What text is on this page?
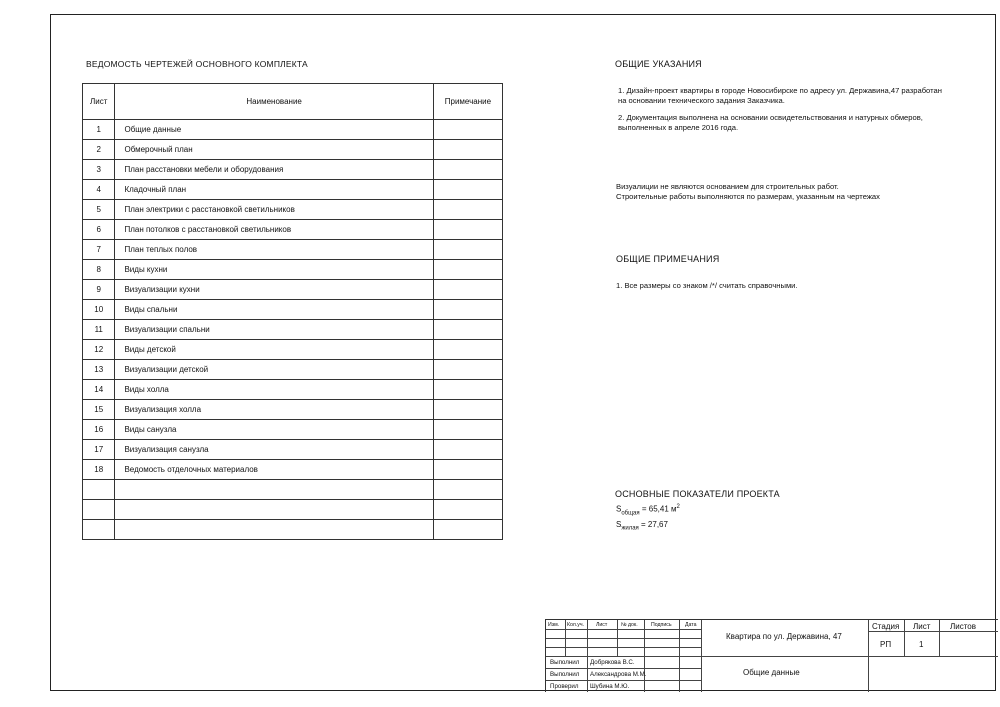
ВЕДОМОСТЬ ЧЕРТЕЖЕЙ ОСНОВНОГО КОМПЛЕКТА
Лист	Наименование	Примечание
1	Общие данные	
2	Обмерочный план	
3	План расстановки мебели и оборудования	
4	Кладочный план	
5	План электрики с расстановкой светильников	
6	План потолков с расстановкой светильников	
7	План теплых полов	
8	Виды кухни	
9	Визуализации кухни	
10	Виды спальни	
11	Визуализации спальни	
12	Виды детской	
13	Визуализации детской	
14	Виды холла	
15	Визуализация холла	
16	Виды санузла	
17	Визуализация санузла	
18	Ведомость отделочных материалов	

ОБЩИЕ УКАЗАНИЯ
1. Дизайн-проект квартиры в городе Новосибирске по адресу ул. Державина,47 разработан на основании технического задания Заказчика.
2. Документация выполнена на основании освидетельствования и натурных обмеров, выполненных в апреле 2016 года.
Визуалиции не являются основанием для строительных работ.
Строительные работы выполняются по размерам, указанным на чертежах
ОБЩИЕ ПРИМЕЧАНИЯ
1. Все размеры со знаком /*/ считать справочными.
ОСНОВНЫЕ ПОКАЗАТЕЛИ ПРОЕКТА
$S_{общая} = 65,41$ $м^2$
$S_{жилая} = 27,67$
Изм. Кол.уч. Лист	№ док.	Подпись	Дата
Выполнил Добрякова В.С.
Выполнил Александрова М.М.
Проверил Шубина М.Ю.
Квартира по ул. Державина, 47
Общие данные
Стадия Лист Листов
РП	1
